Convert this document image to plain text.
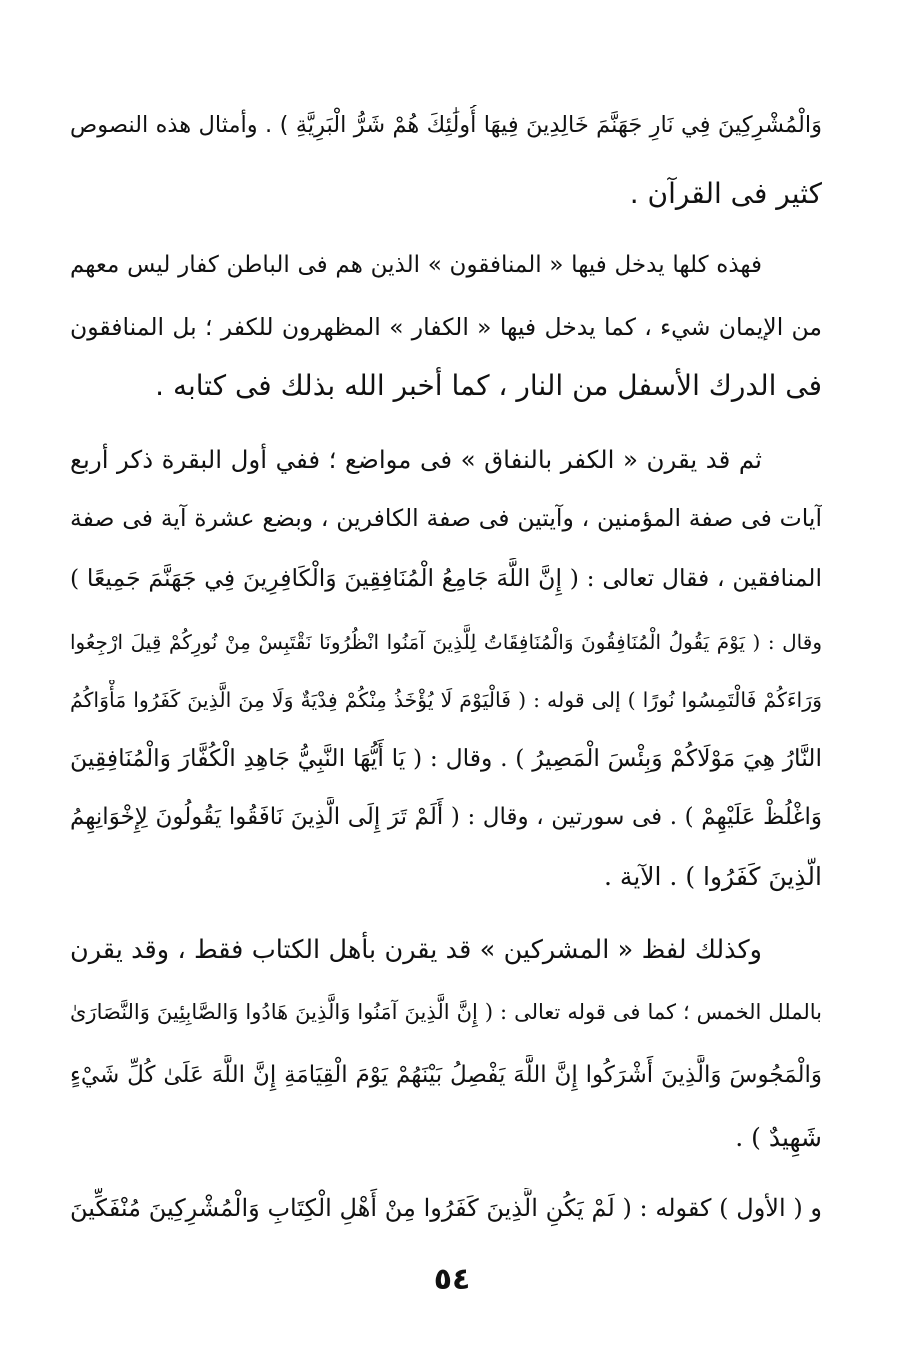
وَالْمُشْرِكِينَ فِي نَارِ جَهَنَّمَ خَالِدِينَ فِيهَا أُولَٰئِكَ هُمْ شَرُّ الْبَرِيَّةِ ) . وأمثال هذه النصوص
كثير فى القرآن .
فهذه كلها يدخل فيها « المنافقون » الذين هم فى الباطن كفار ليس معهم
من الإيمان شيء ، كما يدخل فيها « الكفار » المظهرون للكفر ؛ بل المنافقون
فى الدرك الأسفل من النار ، كما أخبر الله بذلك فى كتابه .
ثم قد يقرن « الكفر بالنفاق » فى مواضع ؛ ففي أول البقرة ذكر أربع
آيات فى صفة المؤمنين ، وآيتين فى صفة الكافرين ، وبضع عشرة آية فى صفة
المنافقين ، فقال تعالى : ( إِنَّ اللَّهَ جَامِعُ الْمُنَافِقِينَ وَالْكَافِرِينَ فِي جَهَنَّمَ جَمِيعًا )
وقال : ( يَوْمَ يَقُولُ الْمُنَافِقُونَ وَالْمُنَافِقَاتُ لِلَّذِينَ آمَنُوا انْظُرُونَا نَقْتَبِسْ مِنْ نُورِكُمْ قِيلَ ارْجِعُوا
وَرَاءَكُمْ فَالْتَمِسُوا نُورًا ) إلى قوله : ( فَالْيَوْمَ لَا يُؤْخَذُ مِنْكُمْ فِدْيَةٌ وَلَا مِنَ الَّذِينَ كَفَرُوا مَأْوَاكُمُ
النَّارُ هِيَ مَوْلَاكُمْ وَبِئْسَ الْمَصِيرُ ) . وقال : ( يَا أَيُّهَا النَّبِيُّ جَاهِدِ الْكُفَّارَ وَالْمُنَافِقِينَ
وَاغْلُظْ عَلَيْهِمْ ) . فى سورتين ، وقال : ( أَلَمْ تَرَ إِلَى الَّذِينَ نَافَقُوا يَقُولُونَ لِإِخْوَانِهِمُ
الَّذِينَ كَفَرُوا ) . الآية .
وكذلك لفظ « المشركين » قد يقرن بأهل الكتاب فقط ، وقد يقرن
بالملل الخمس ؛ كما فى قوله تعالى : ( إِنَّ الَّذِينَ آمَنُوا وَالَّذِينَ هَادُوا وَالصَّابِئِينَ وَالنَّصَارَىٰ
وَالْمَجُوسَ وَالَّذِينَ أَشْرَكُوا إِنَّ اللَّهَ يَفْصِلُ بَيْنَهُمْ يَوْمَ الْقِيَامَةِ إِنَّ اللَّهَ عَلَىٰ كُلِّ شَيْءٍ
شَهِيدٌ ) .
و ( الأول ) كقوله : ( لَمْ يَكُنِ الَّذِينَ كَفَرُوا مِنْ أَهْلِ الْكِتَابِ وَالْمُشْرِكِينَ مُنْفَكِّينَ
٥٤
